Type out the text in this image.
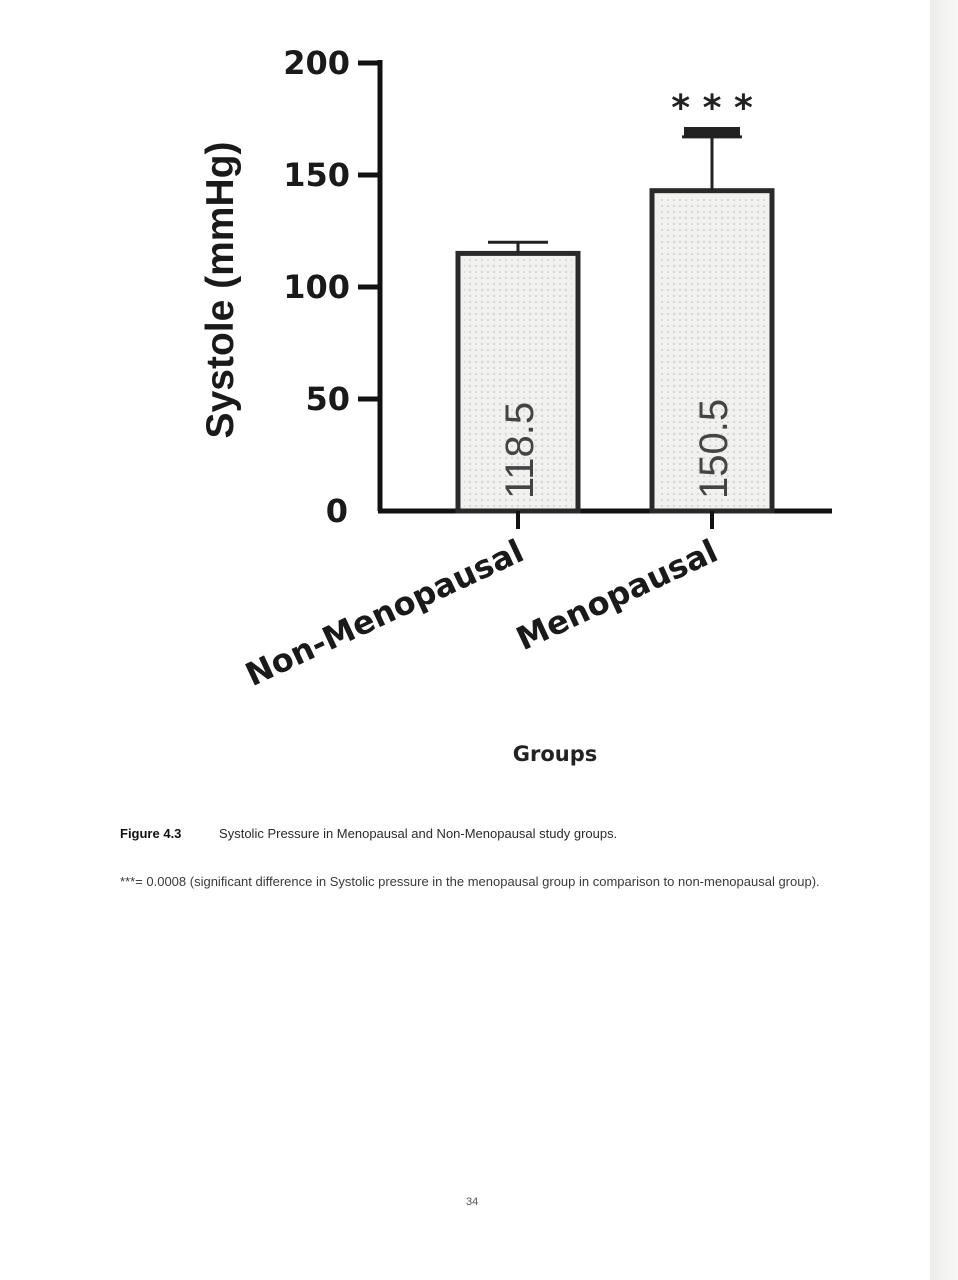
0
50
100
150
200
Systole (mmHg)
118.5
Non-Menopausal
150.5
Menopausal
* * *
Groups
Figure 4.3	Systolic Pressure in Menopausal and Non-Menopausal study groups.
***= 0.0008 (significant difference in Systolic pressure in the menopausal group in comparison to non-menopausal group).
34
